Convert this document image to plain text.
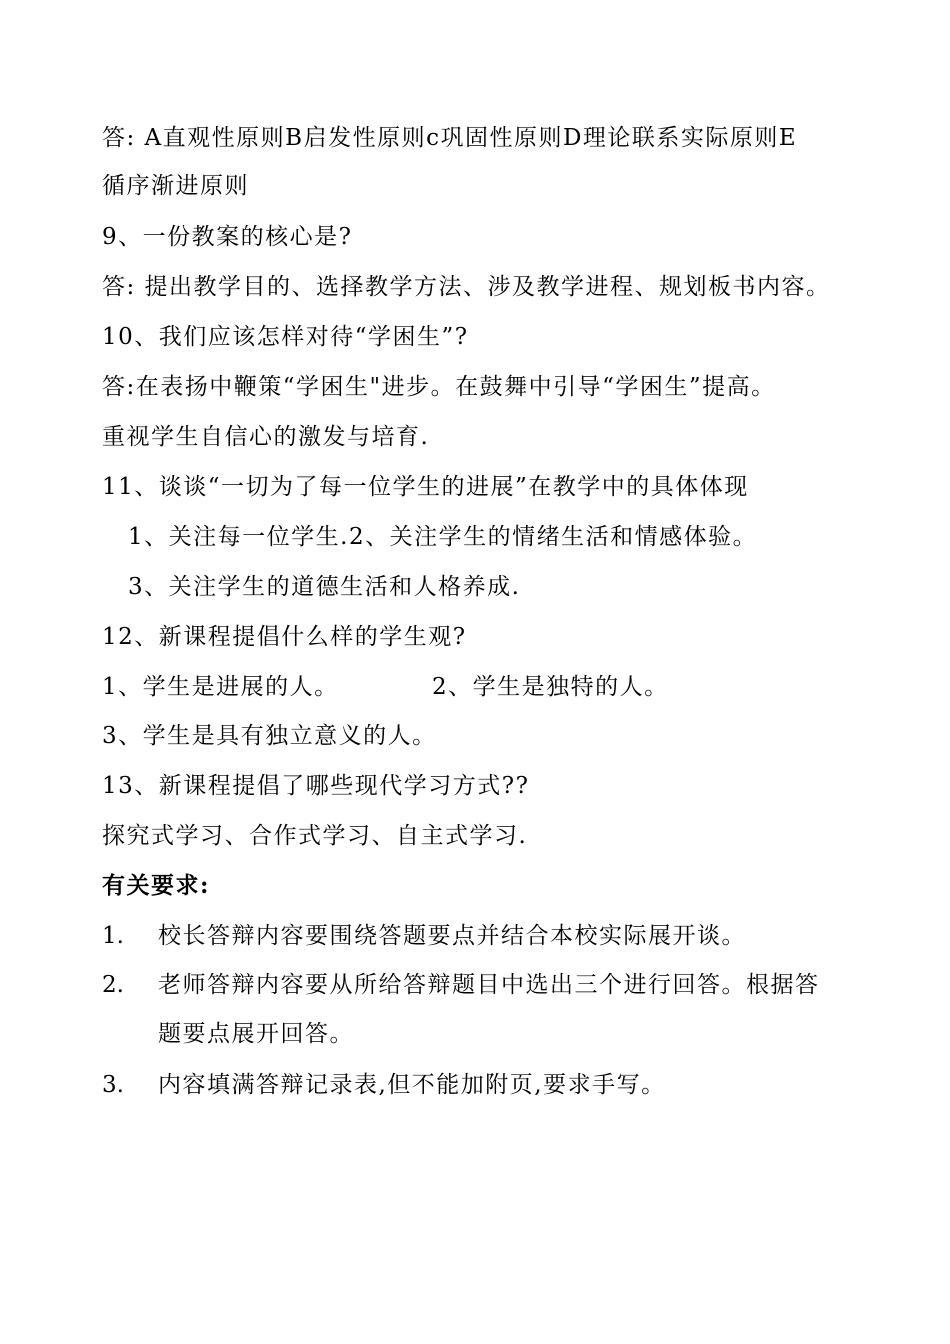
答: A直观性原则B启发性原则c巩固性原则D理论联系实际原则E
循序渐进原则
9、一份教案的核心是?
答: 提出教学目的、选择教学方法、涉及教学进程、规划板书内容。
10、我们应该怎样对待“学困生”?
答:在表扬中鞭策“学困生"进步。在鼓舞中引导“学困生”提高。
重视学生自信心的激发与培育.
11、谈谈“一切为了每一位学生的进展”在教学中的具体体现
1、关注每一位学生.2、关注学生的情绪生活和情感体验。
3、关注学生的道德生活和人格养成.
12、新课程提倡什么样的学生观?
1、学生是进展的人。	2、学生是独特的人。
3、学生是具有独立意义的人。
13、新课程提倡了哪些现代学习方式??
探究式学习、合作式学习、自主式学习.
有关要求:
1. 校长答辩内容要围绕答题要点并结合本校实际展开谈。
2. 老师答辩内容要从所给答辩题目中选出三个进行回答。根据答
题要点展开回答。
3. 内容填满答辩记录表,但不能加附页,要求手写。
